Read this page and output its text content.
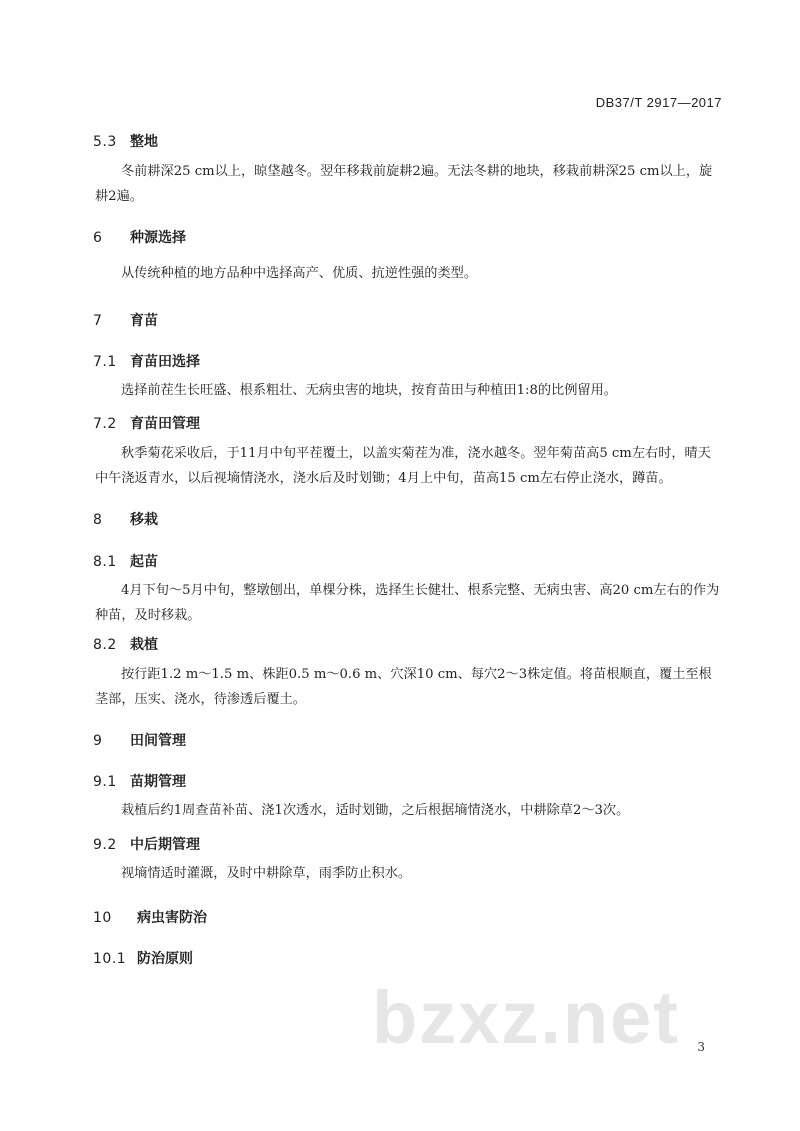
DB37/T 2917—2017
5.3 整地

冬前耕深25 cm以上，晾垡越冬。翌年移栽前旋耕2遍。无法冬耕的地块，移栽前耕深25 cm以上，旋耕2遍。

6 种源选择

从传统种植的地方品种中选择高产、优质、抗逆性强的类型。

7 育苗
7.1 育苗田选择

选择前茬生长旺盛、根系粗壮、无病虫害的地块，按育苗田与种植田1:8的比例留用。

7.2 育苗田管理

秋季菊花采收后，于11月中旬平茬覆土，以盖实菊茬为准，浇水越冬。翌年菊苗高5 cm左右时，晴天中午浇返青水，以后视墒情浇水，浇水后及时划锄；4月上中旬，苗高15 cm左右停止浇水，蹲苗。

8 移栽
8.1 起苗

4月下旬～5月中旬，整墩刨出，单棵分株，选择生长健壮、根系完整、无病虫害、高20 cm左右的作为种苗，及时移栽。

8.2 栽植

按行距1.2 m～1.5 m、株距0.5 m～0.6 m、穴深10 cm、每穴2～3株定值。将苗根顺直，覆土至根茎部，压实、浇水，待渗透后覆土。

9 田间管理
9.1 苗期管理

栽植后约1周查苗补苗、浇1次透水，适时划锄，之后根据墒情浇水，中耕除草2～3次。

9.2 中后期管理

视墒情适时灌溉，及时中耕除草，雨季防止积水。

10 病虫害防治
10.1 防治原则
bzxz.net 3
